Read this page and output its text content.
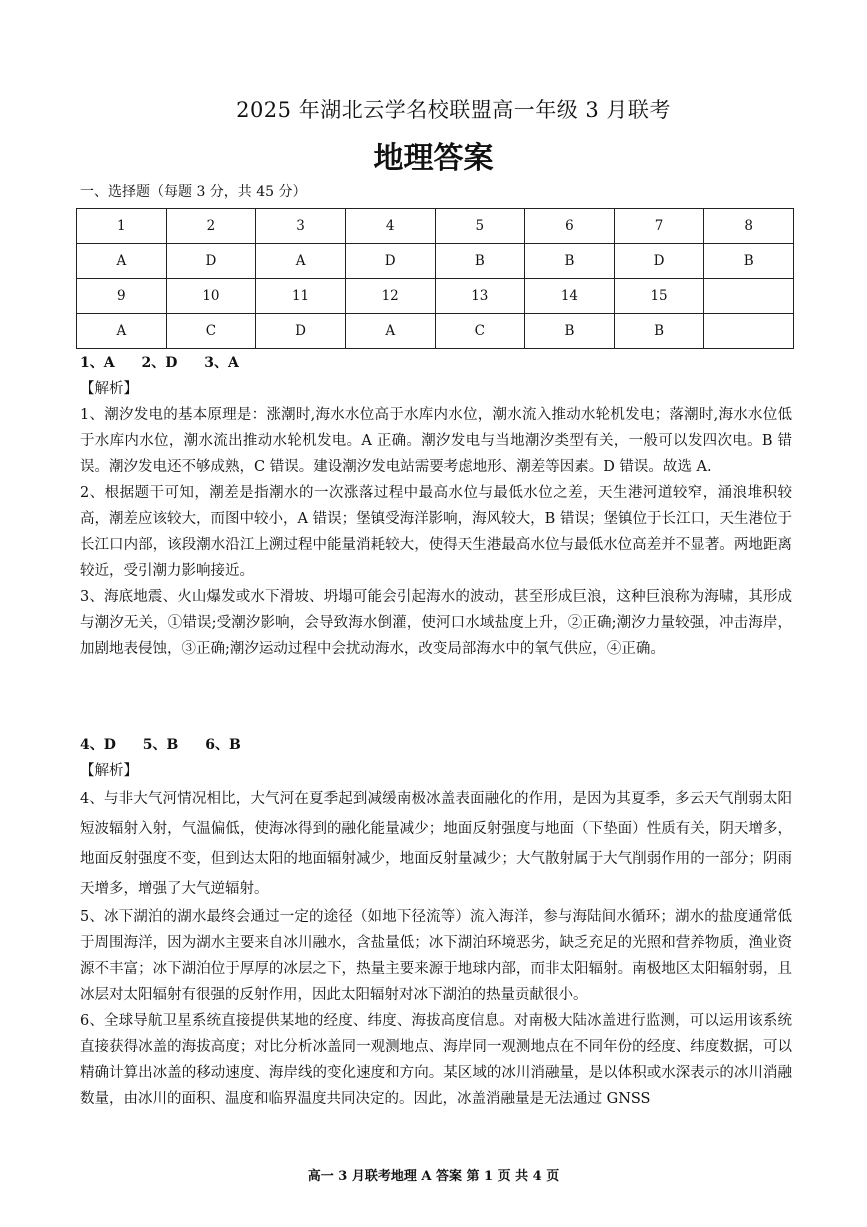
2025 年湖北云学名校联盟高一年级 3 月联考
地理答案
一、选择题（每题 3 分，共 45 分）
1	2	3	4	5	6	7	8
A	D	A	D	B	B	D	B
9	10	11	12	13	14	15	
A	C	D	A	C	B	B	
1、A 2、D 3、A
【解析】

1、潮汐发电的基本原理是：涨潮时,海水水位高于水库内水位，潮水流入推动水轮机发电；落潮时,海水水位低于水库内水位，潮水流出推动水轮机发电。A 正确。潮汐发电与当地潮汐类型有关，一般可以发四次电。B 错误。潮汐发电还不够成熟，C 错误。建设潮汐发电站需要考虑地形、潮差等因素。D 错误。故选 A.

2、根据题干可知，潮差是指潮水的一次涨落过程中最高水位与最低水位之差，天生港河道较窄，涌浪堆积较高，潮差应该较大，而图中较小，A 错误；堡镇受海洋影响，海风较大，B 错误；堡镇位于长江口，天生港位于长江口内部，该段潮水沿江上溯过程中能量消耗较大，使得天生港最高水位与最低水位高差并不显著。两地距离较近，受引潮力影响接近。

3、海底地震、火山爆发或水下滑坡、坍塌可能会引起海水的波动，甚至形成巨浪，这种巨浪称为海啸，其形成与潮汐无关，①错误;受潮汐影响，会导致海水倒灌，使河口水域盐度上升，②正确;潮汐力量较强，冲击海岸，加剧地表侵蚀，③正确;潮汐运动过程中会扰动海水，改变局部海水中的氧气供应，④正确。

4、D 5、B 6、B
【解析】

4、与非大气河情况相比，大气河在夏季起到减缓南极冰盖表面融化的作用，是因为其夏季，多云天气削弱太阳短波辐射入射，气温偏低，使海冰得到的融化能量减少；地面反射强度与地面（下垫面）性质有关，阴天增多，地面反射强度不变，但到达太阳的地面辐射减少，地面反射量减少；大气散射属于大气削弱作用的一部分；阴雨天增多，增强了大气逆辐射。

5、冰下湖泊的湖水最终会通过一定的途径（如地下径流等）流入海洋，参与海陆间水循环；湖水的盐度通常低于周围海洋，因为湖水主要来自冰川融水，含盐量低；冰下湖泊环境恶劣，缺乏充足的光照和营养物质，渔业资源不丰富；冰下湖泊位于厚厚的冰层之下，热量主要来源于地球内部，而非太阳辐射。南极地区太阳辐射弱，且冰层对太阳辐射有很强的反射作用，因此太阳辐射对冰下湖泊的热量贡献很小。

6、全球导航卫星系统直接提供某地的经度、纬度、海拔高度信息。对南极大陆冰盖进行监测，可以运用该系统直接获得冰盖的海拔高度；对比分析冰盖同一观测地点、海岸同一观测地点在不同年份的经度、纬度数据，可以精确计算出冰盖的移动速度、海岸线的变化速度和方向。某区域的冰川消融量，是以体积或水深表示的冰川消融数量，由冰川的面积、温度和临界温度共同决定的。因此，冰盖消融量是无法通过 GNSS

高一 3 月联考地理 A 答案 第 1 页 共 4 页
